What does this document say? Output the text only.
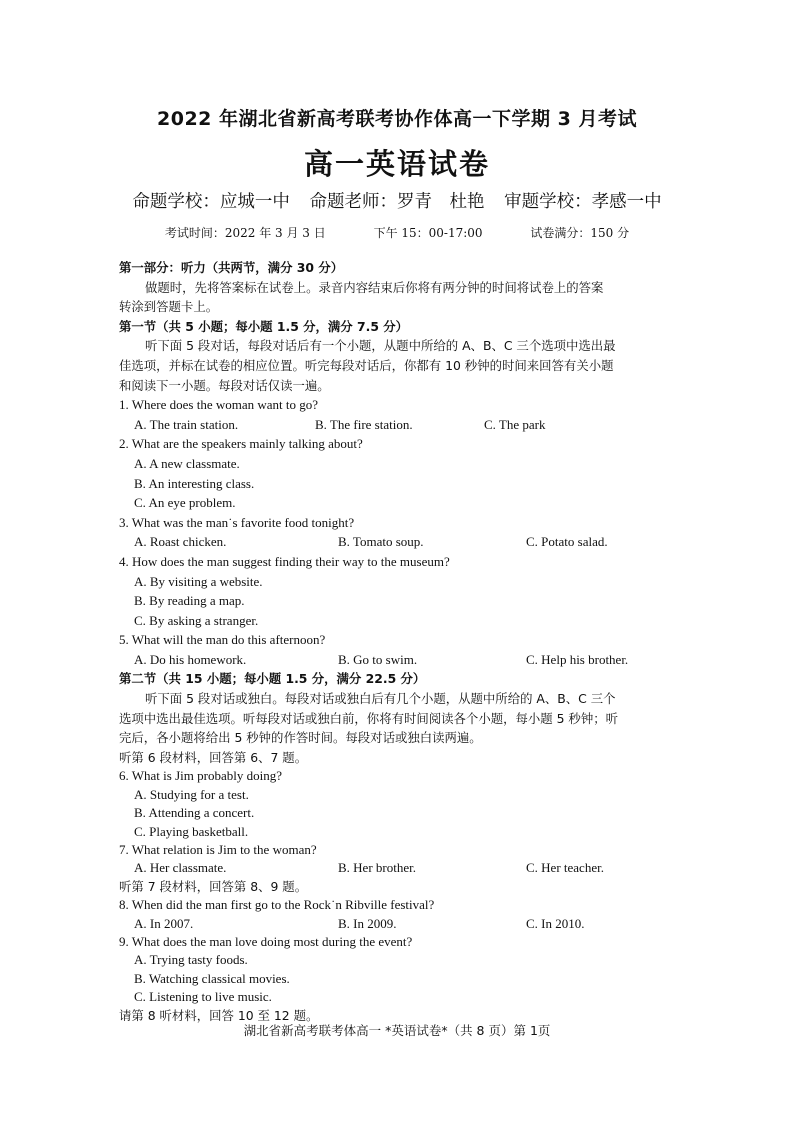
2022 年湖北省新高考联考协作体高一下学期 3 月考试
高一英语试卷
命题学校：应城一中 命题老师：罗青　杜艳 审题学校：孝感一中
考试时间：2022 年 3 月 3 日	下午 15：00-17:00	试卷满分：150 分
第一部分：听力（共两节，满分 30 分）
做题时，先将答案标在试卷上。录音内容结束后你将有两分钟的时间将试卷上的答案
转涂到答题卡上。
第一节（共 5 小题；每小题 1.5 分，满分 7.5 分）
听下面 5 段对话，每段对话后有一个小题，从题中所给的 A、B、C 三个选项中选出最
佳选项，并标在试卷的相应位置。听完每段对话后，你都有 10 秒钟的时间来回答有关小题
和阅读下一小题。每段对话仅读一遍。
1. Where does the woman want to go?
A. The train station.	B. The fire station.	C. The park
2. What are the speakers mainly talking about?
A. A new classmate.
B. An interesting class.
C. An eye problem.
3. What was the man˙s favorite food tonight?
A. Roast chicken.	B. Tomato soup.	C. Potato salad.
4. How does the man suggest finding their way to the museum?
A. By visiting a website.
B. By reading a map.
C. By asking a stranger.
5. What will the man do this afternoon?
A. Do his homework.	B. Go to swim.	C. Help his brother.
第二节（共 15 小题；每小题 1.5 分，满分 22.5 分）
听下面 5 段对话或独白。每段对话或独白后有几个小题，从题中所给的 A、B、C 三个
选项中选出最佳选项。听每段对话或独白前，你将有时间阅读各个小题，每小题 5 秒钟；听
完后，各小题将给出 5 秒钟的作答时间。每段对话或独白读两遍。
听第 6 段材料，回答第 6、7 题。
6. What is Jim probably doing?
A. Studying for a test.
B. Attending a concert.
C. Playing basketball.
7. What relation is Jim to the woman?
A. Her classmate.	B. Her brother.	C. Her teacher.
听第 7 段材料，回答第 8、9 题。
8. When did the man first go to the Rock˙n Ribville festival?
A. In 2007.	B. In 2009.	C. In 2010.
9. What does the man love doing most during the event?
A. Trying tasty foods.
B. Watching classical movies.
C. Listening to live music.
请第 8 听材料，回答 10 至 12 题。
湖北省新高考联考体高一 *英语试卷*（共 8 页）第 1页
